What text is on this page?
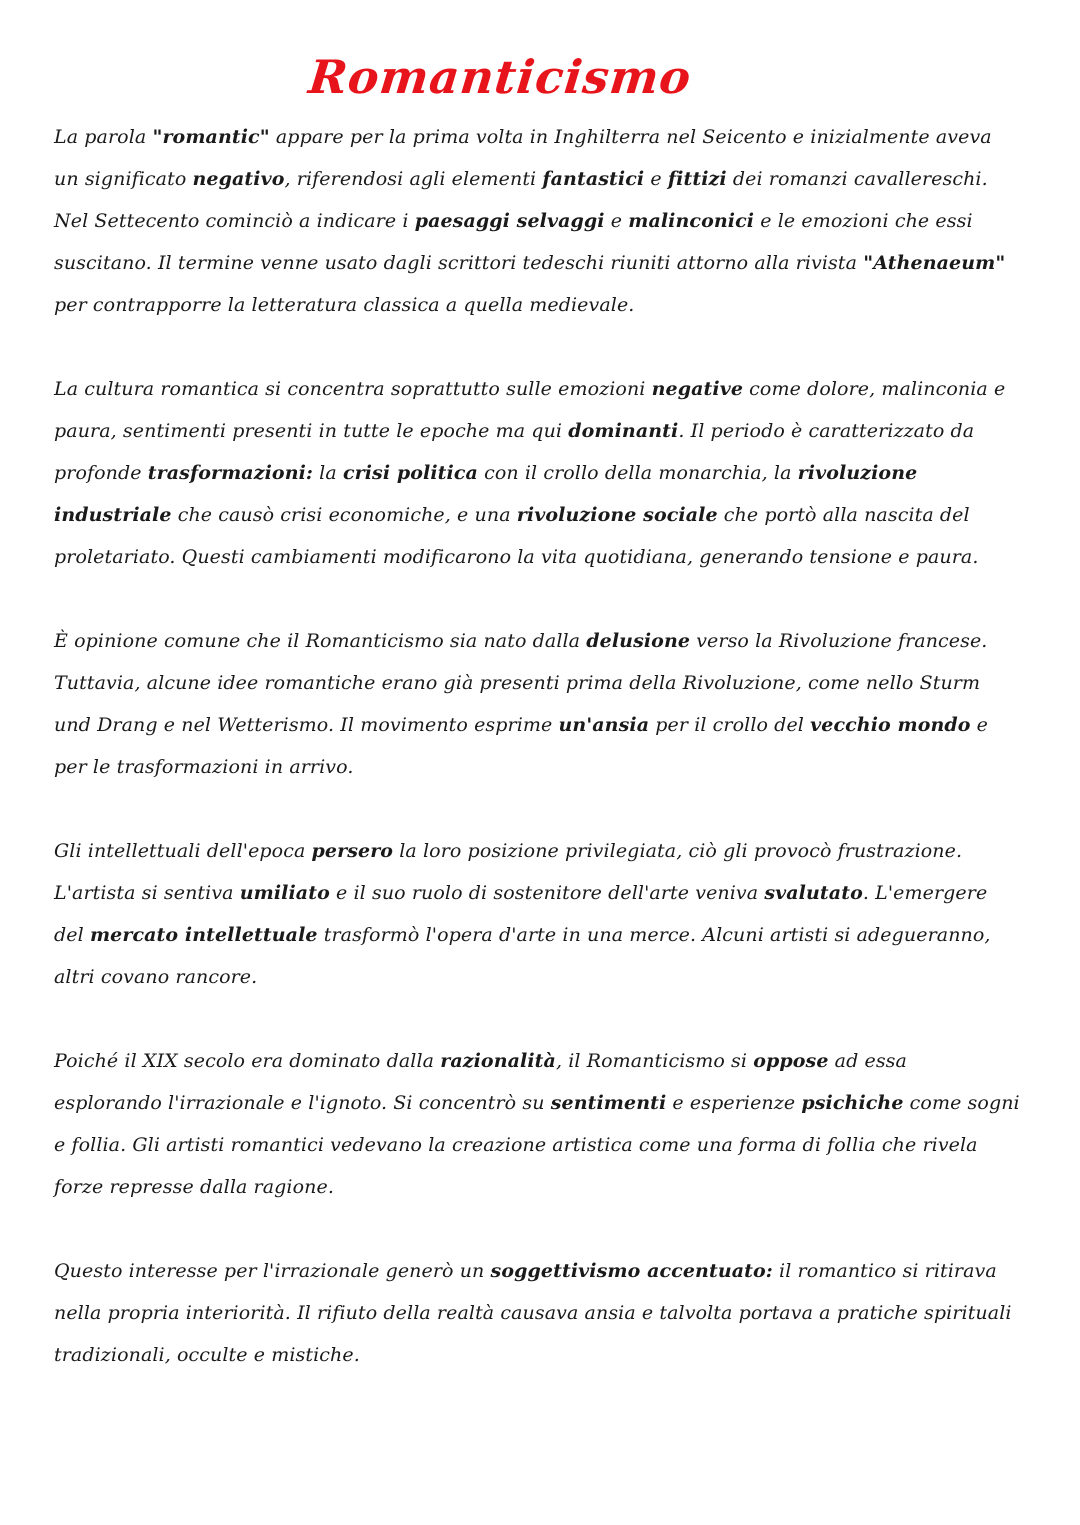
Romanticismo

La parola "romantic" appare per la prima volta in Inghilterra nel Seicento e inizialmente aveva un significato negativo, riferendosi agli elementi fantastici e fittizi dei romanzi cavallereschi. Nel Settecento cominciò a indicare i paesaggi selvaggi e malinconici e le emozioni che essi suscitano. Il termine venne usato dagli scrittori tedeschi riuniti attorno alla rivista "Athenaeum" per contrapporre la letteratura classica a quella medievale.

La cultura romantica si concentra soprattutto sulle emozioni negative come dolore, malinconia e paura, sentimenti presenti in tutte le epoche ma qui dominanti. Il periodo è caratterizzato da profonde trasformazioni: la crisi politica con il crollo della monarchia, la rivoluzione industriale che causò crisi economiche, e una rivoluzione sociale che portò alla nascita del proletariato. Questi cambiamenti modificarono la vita quotidiana, generando tensione e paura.

È opinione comune che il Romanticismo sia nato dalla delusione verso la Rivoluzione francese. Tuttavia, alcune idee romantiche erano già presenti prima della Rivoluzione, come nello Sturm und Drang e nel Wetterismo. Il movimento esprime un'ansia per il crollo del vecchio mondo e per le trasformazioni in arrivo.

Gli intellettuali dell'epoca persero la loro posizione privilegiata, ciò gli provocò frustrazione. L'artista si sentiva umiliato e il suo ruolo di sostenitore dell'arte veniva svalutato. L'emergere del mercato intellettuale trasformò l'opera d'arte in una merce. Alcuni artisti si adegueranno, altri covano rancore.

Poiché il XIX secolo era dominato dalla razionalità, il Romanticismo si oppose ad essa esplorando l'irrazionale e l'ignoto. Si concentrò su sentimenti e esperienze psichiche come sogni e follia. Gli artisti romantici vedevano la creazione artistica come una forma di follia che rivela forze represse dalla ragione.

Questo interesse per l'irrazionale generò un soggettivismo accentuato: il romantico si ritirava nella propria interiorità. Il rifiuto della realtà causava ansia e talvolta portava a pratiche spirituali tradizionali, occulte e mistiche.
